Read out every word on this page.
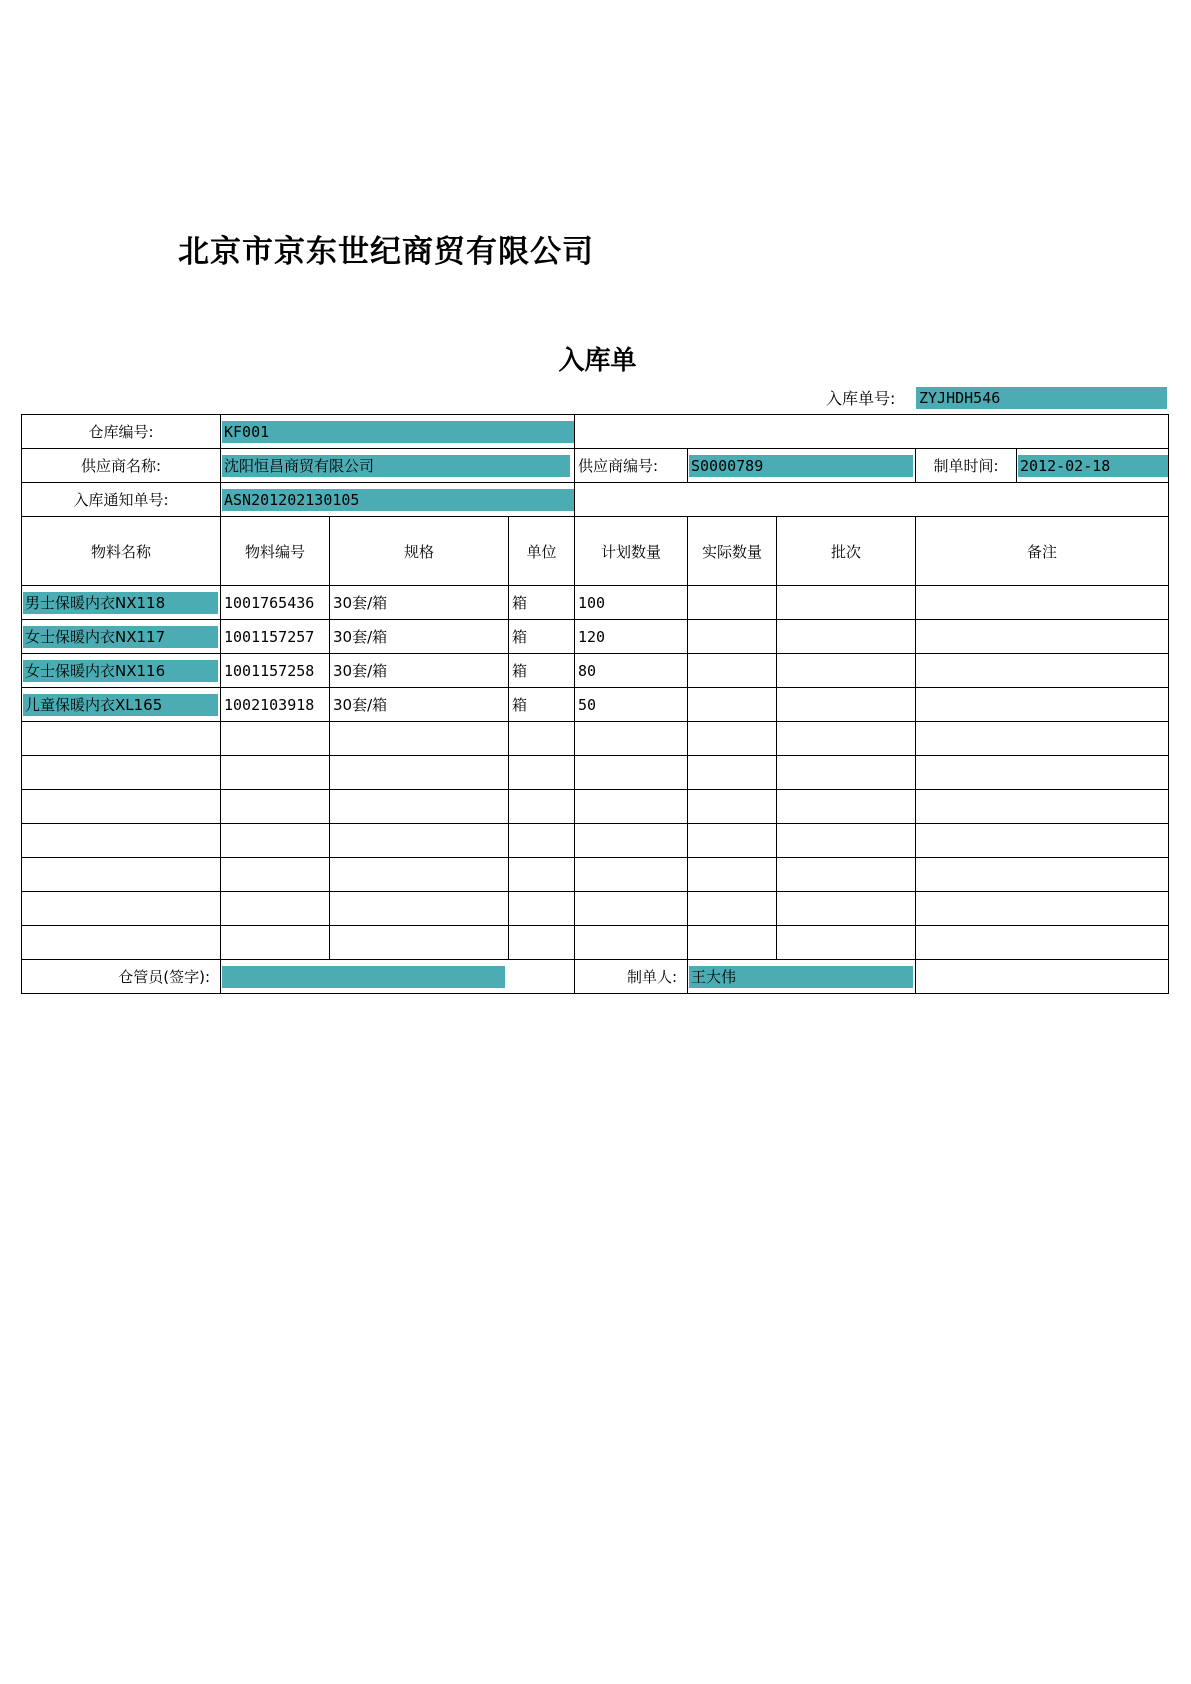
北京市京东世纪商贸有限公司
入库单
入库单号: ZYJHDH546
仓库编号:	KF001							

供应商名称:	沈阳恒昌商贸有限公司			供应商编号:	S0000789		制单时间:	2012-02-18

入库通知单号:	ASN201202130105							

物料名称	物料编号	规格	单位	计划数量	实际数量	批次	备注	

男士保暖内衣NX118	1001765436	30套/箱	箱	100				

女士保暖内衣NX117	1001157257	30套/箱	箱	120				

女士保暖内衣NX116	1001157258	30套/箱	箱	80				

儿童保暖内衣XL165	1002103918	30套/箱	箱	50				

仓管员(签字):				制单人:	王大伟			
